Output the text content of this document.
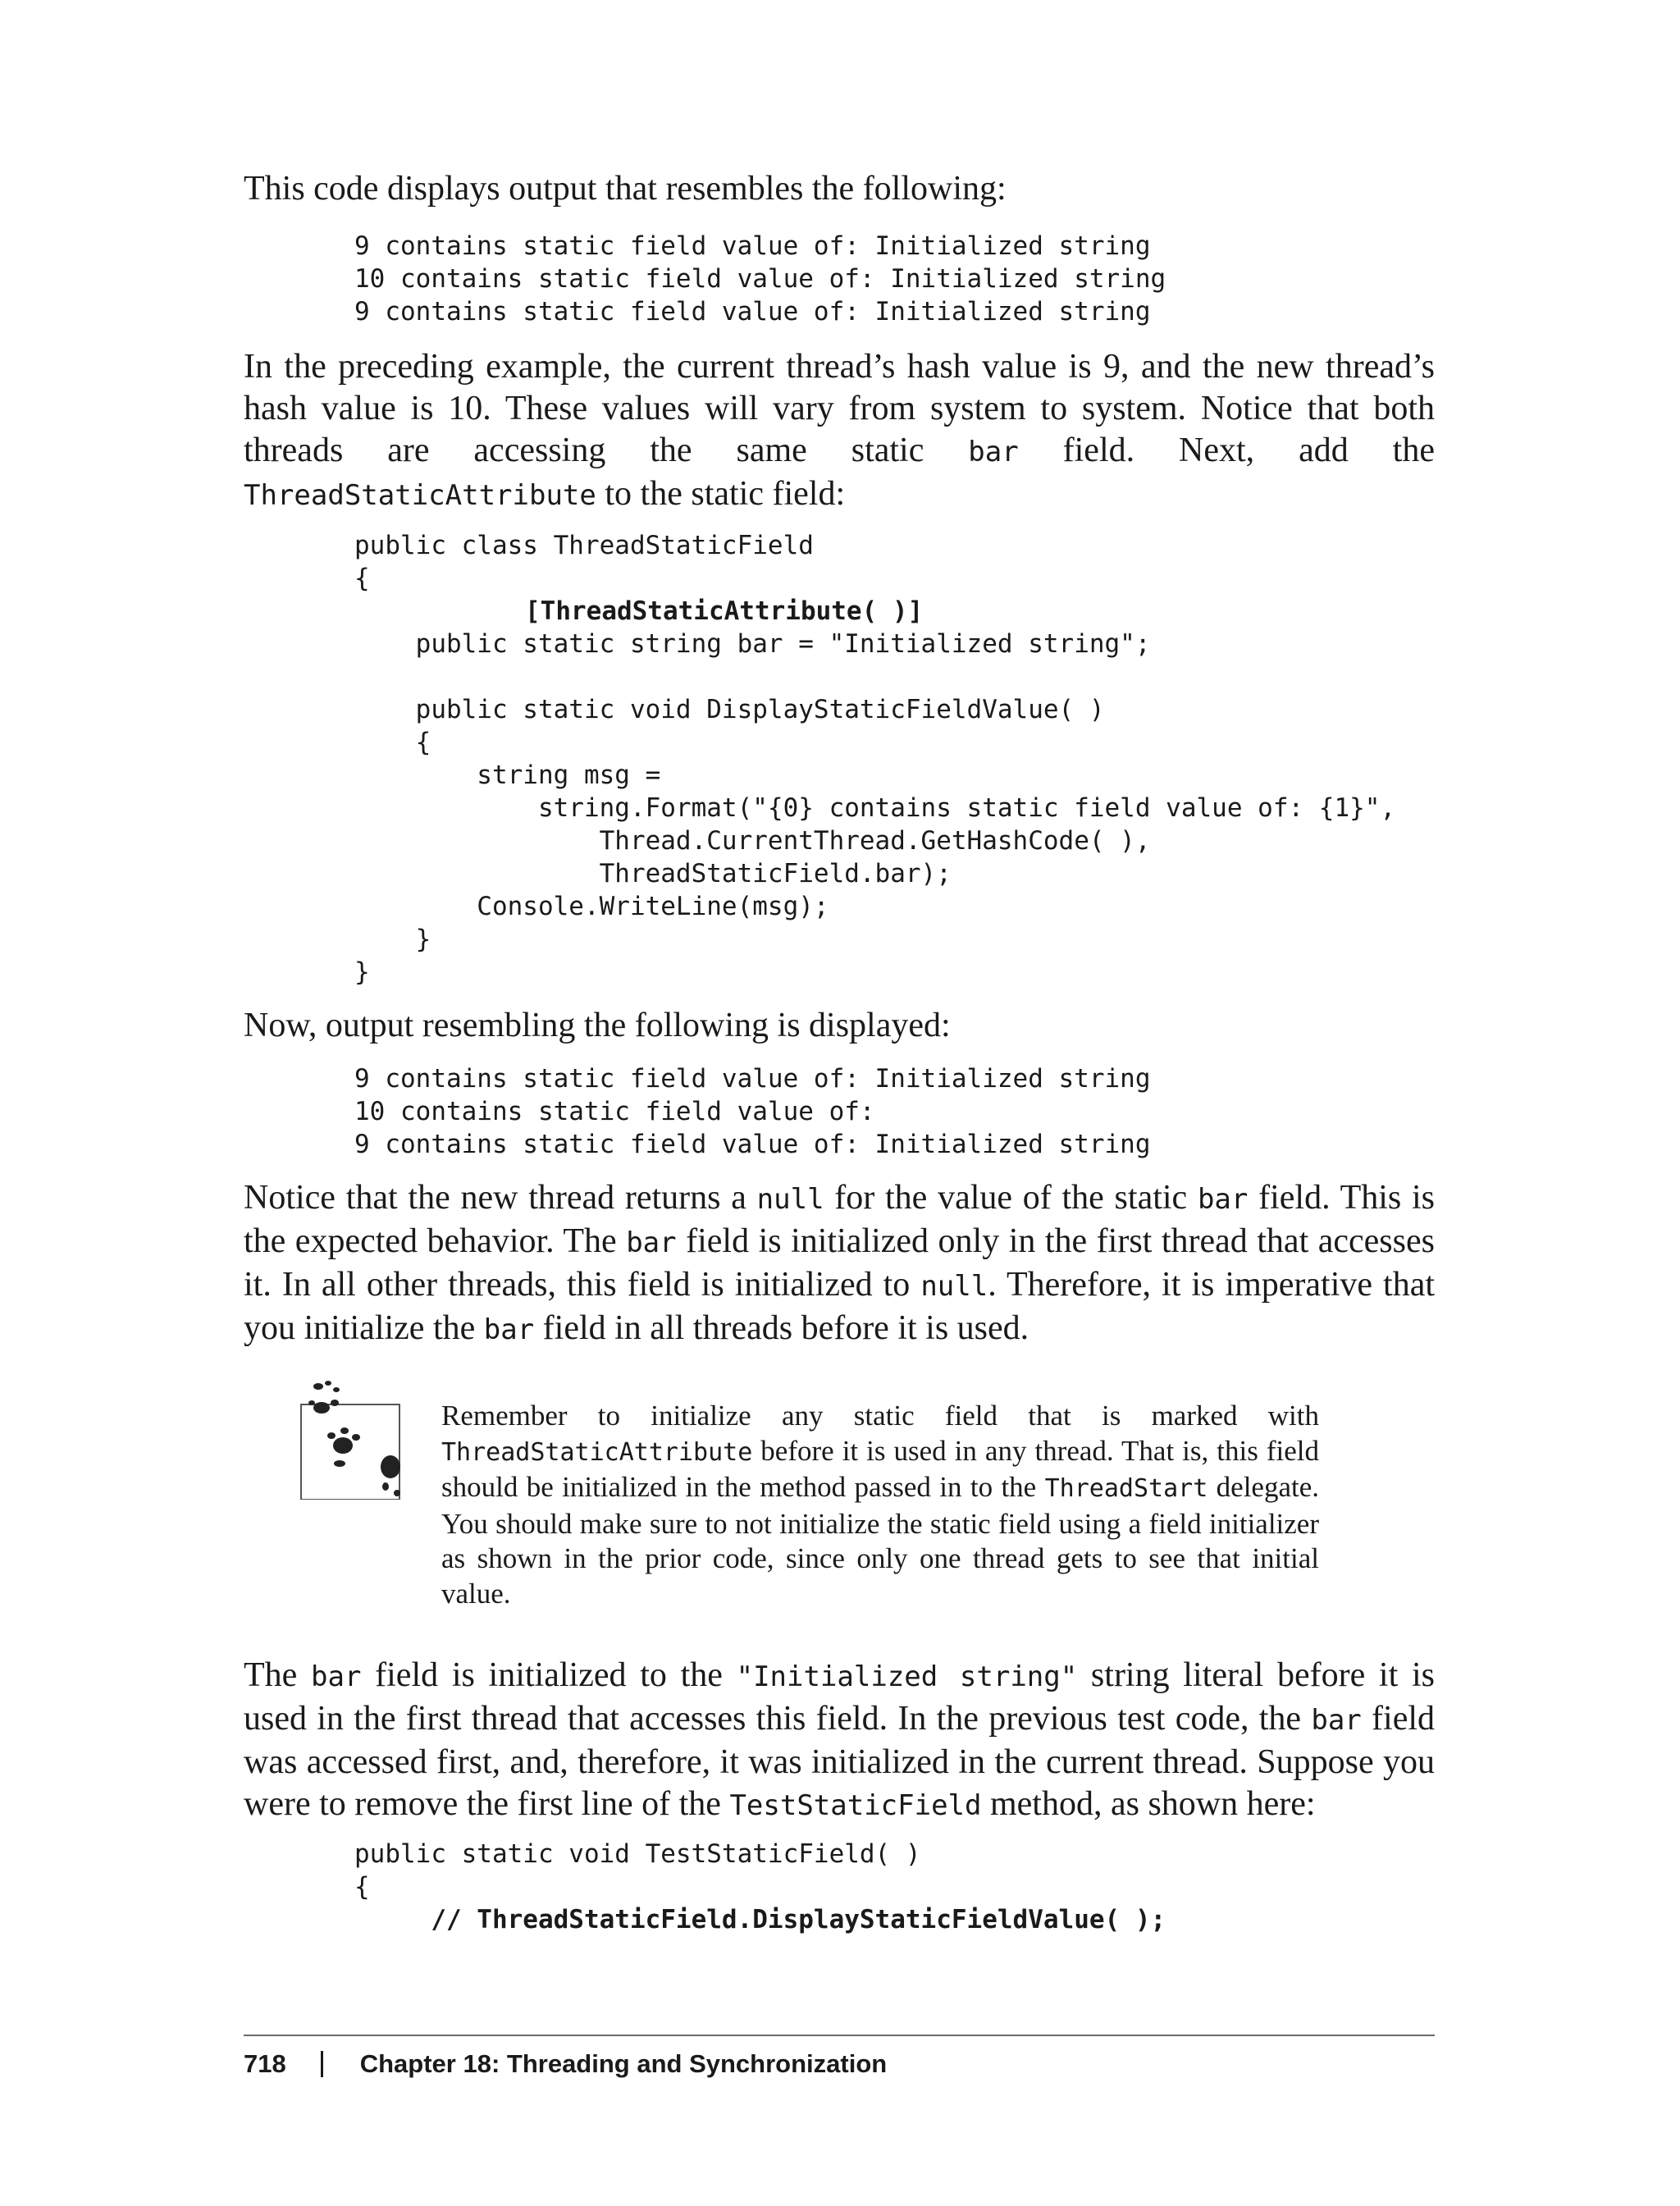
This code displays output that resembles the following:

9 contains static field value of: Initialized string
10 contains static field value of: Initialized string
9 contains static field value of: Initialized string

In the preceding example, the current thread’s hash value is 9, and the new thread’s hash value is 10. These values will vary from system to system. Notice that both threads are accessing the same static bar field. Next, add the ThreadStaticAttribute to the static field:

public class ThreadStaticField
{
[ThreadStaticAttribute( )]
public static string bar = "Initialized string";

public static void DisplayStaticFieldValue( )
{
string msg =
string.Format("{0} contains static field value of: {1}",
Thread.CurrentThread.GetHashCode( ),
ThreadStaticField.bar);
Console.WriteLine(msg);
}
}

Now, output resembling the following is displayed:

9 contains static field value of: Initialized string
10 contains static field value of:
9 contains static field value of: Initialized string

Notice that the new thread returns a null for the value of the static bar field. This is the expected behavior. The bar field is initialized only in the first thread that accesses it. In all other threads, this field is initialized to null. Therefore, it is imperative that you initialize the bar field in all threads before it is used.

Remember to initialize any static field that is marked with ThreadStaticAttribute before it is used in any thread. That is, this field should be initialized in the method passed in to the ThreadStart delegate. You should make sure to not initialize the static field using a field initializer as shown in the prior code, since only one thread gets to see that initial value.

The bar field is initialized to the "Initialized string" string literal before it is used in the first thread that accesses this field. In the previous test code, the bar field was accessed first, and, therefore, it was initialized in the current thread. Suppose you were to remove the first line of the TestStaticField method, as shown here:

public static void TestStaticField( )
{
// ThreadStaticField.DisplayStaticFieldValue( );
718	Chapter 18: Threading and Synchronization
